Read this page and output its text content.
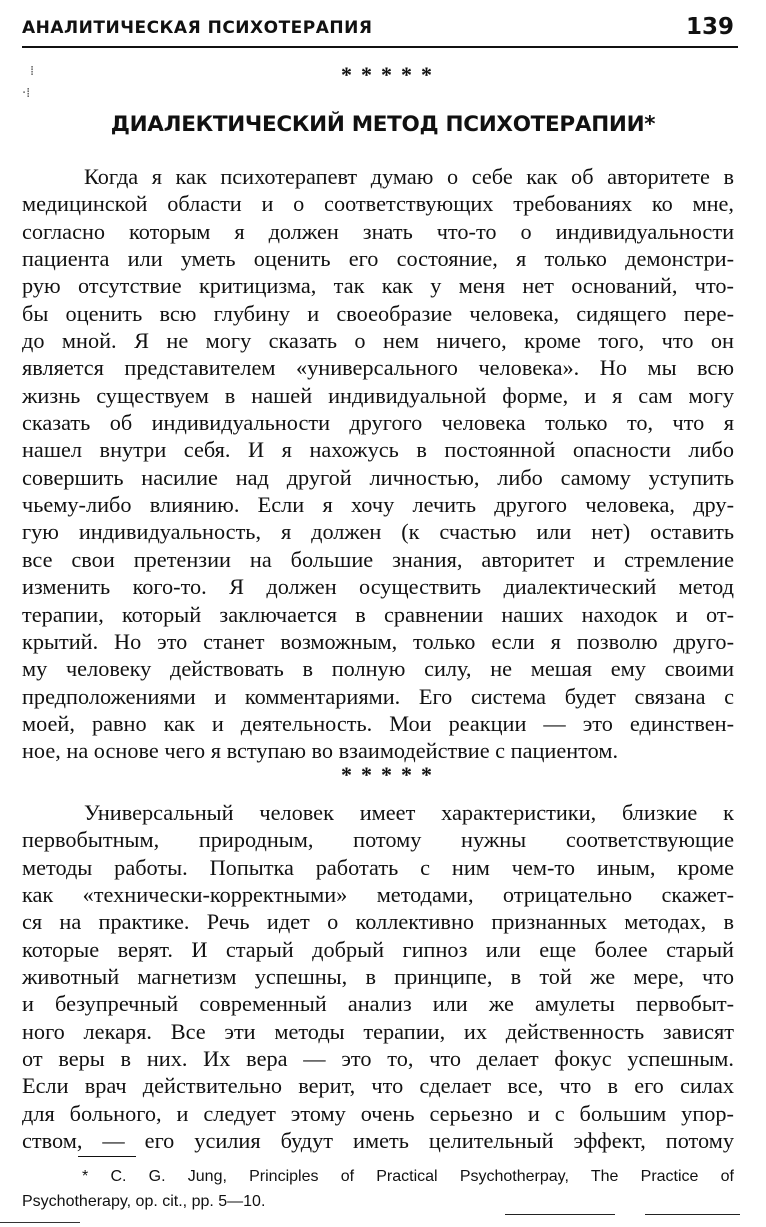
АНАЛИТИЧЕСКАЯ ПСИХОТЕРАПИЯ	139
⁞
·⁞
*****
ДИАЛЕКТИЧЕСКИЙ МЕТОД ПСИХОТЕРАПИИ*
Когда я как психотерапевт думаю о себе как об авторитете в
медицинской области и о соответствующих требованиях ко мне,
согласно которым я должен знать что-то о индивидуальности
пациента или уметь оценить его состояние, я только демонстри-
рую отсутствие критицизма, так как у меня нет оснований, что-
бы оценить всю глубину и своеобразие человека, сидящего пере-
до мной. Я не могу сказать о нем ничего, кроме того, что он
является представителем «универсального человека». Но мы всю
жизнь существуем в нашей индивидуальной форме, и я сам могу
сказать об индивидуальности другого человека только то, что я
нашел внутри себя. И я нахожусь в постоянной опасности либо
совершить насилие над другой личностью, либо самому уступить
чьему-либо влиянию. Если я хочу лечить другого человека, дру-
гую индивидуальность, я должен (к счастью или нет) оставить
все свои претензии на большие знания, авторитет и стремление
изменить кого-то. Я должен осуществить диалектический метод
терапии, который заключается в сравнении наших находок и от-
крытий. Но это станет возможным, только если я позволю друго-
му человеку действовать в полную силу, не мешая ему своими
предположениями и комментариями. Его система будет связана с
моей, равно как и деятельность. Мои реакции — это единствен-
ное, на основе чего я вступаю во взаимодействие с пациентом.
*****
Универсальный человек имеет характеристики, близкие к
первобытным, природным, потому нужны соответствующие
методы работы. Попытка работать с ним чем-то иным, кроме
как «технически-корректными» методами, отрицательно скажет-
ся на практике. Речь идет о коллективно признанных методах, в
которые верят. И старый добрый гипноз или еще более старый
животный магнетизм успешны, в принципе, в той же мере, что
и безупречный современный анализ или же амулеты первобыт-
ного лекаря. Все эти методы терапии, их действенность зависят
от веры в них. Их вера — это то, что делает фокус успешным.
Если врач действительно верит, что сделает все, что в его силах
для больного, и следует этому очень серьезно и с большим упор-
ством, — его усилия будут иметь целительный эффект, потому
* C. G. Jung, Principles of Practical Psychotherpay, The Practice of
Psychotherapy, op. cit., pp. 5—10.
